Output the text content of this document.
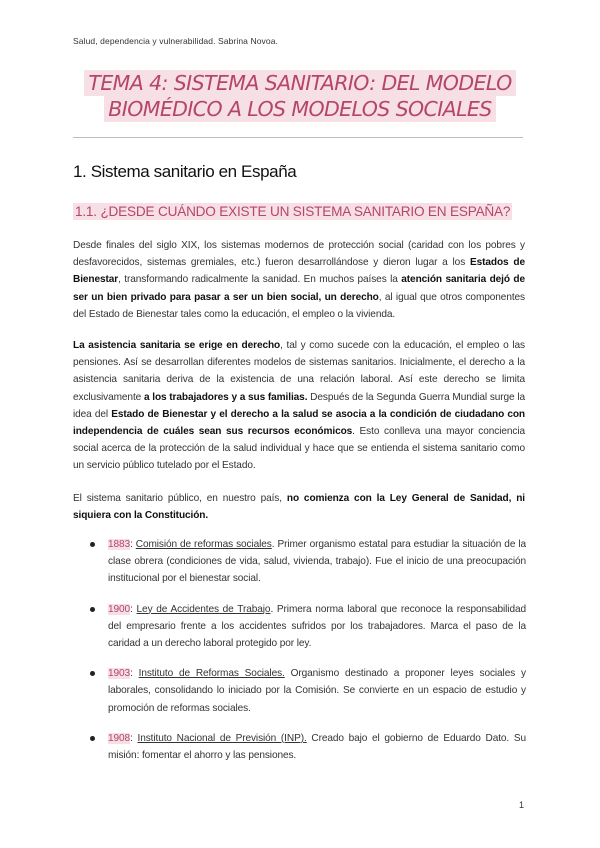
Salud, dependencia y vulnerabilidad. Sabrina Novoa.
TEMA 4: SISTEMA SANITARIO: DEL MODELO
BIOMÉDICO A LOS MODELOS SOCIALES
1. Sistema sanitario en España
1.1. ¿DESDE CUÁNDO EXISTE UN SISTEMA SANITARIO EN ESPAÑA?
Desde finales del siglo XIX, los sistemas modernos de protección social (caridad con los pobres y desfavorecidos, sistemas gremiales, etc.) fueron desarrollándose y dieron lugar a los Estados de Bienestar, transformando radicalmente la sanidad. En muchos países la atención sanitaria dejó de ser un bien privado para pasar a ser un bien social, un derecho, al igual que otros componentes del Estado de Bienestar tales como la educación, el empleo o la vivienda.
La asistencia sanitaria se erige en derecho, tal y como sucede con la educación, el empleo o las pensiones. Así se desarrollan diferentes modelos de sistemas sanitarios. Inicialmente, el derecho a la asistencia sanitaria deriva de la existencia de una relación laboral. Así este derecho se limita exclusivamente a los trabajadores y a sus familias. Después de la Segunda Guerra Mundial surge la idea del Estado de Bienestar y el derecho a la salud se asocia a la condición de ciudadano con independencia de cuáles sean sus recursos económicos. Esto conlleva una mayor conciencia social acerca de la protección de la salud individual y hace que se entienda el sistema sanitario como un servicio público tutelado por el Estado.
El sistema sanitario público, en nuestro país, no comienza con la Ley General de Sanidad, ni siquiera con la Constitución.
1883: Comisión de reformas sociales. Primer organismo estatal para estudiar la situación de la clase obrera (condiciones de vida, salud, vivienda, trabajo). Fue el inicio de una preocupación institucional por el bienestar social.
1900: Ley de Accidentes de Trabajo. Primera norma laboral que reconoce la responsabilidad del empresario frente a los accidentes sufridos por los trabajadores. Marca el paso de la caridad a un derecho laboral protegido por ley.
1903: Instituto de Reformas Sociales. Organismo destinado a proponer leyes sociales y laborales, consolidando lo iniciado por la Comisión. Se convierte en un espacio de estudio y promoción de reformas sociales.
1908: Instituto Nacional de Previsión (INP). Creado bajo el gobierno de Eduardo Dato. Su misión: fomentar el ahorro y las pensiones.
1
